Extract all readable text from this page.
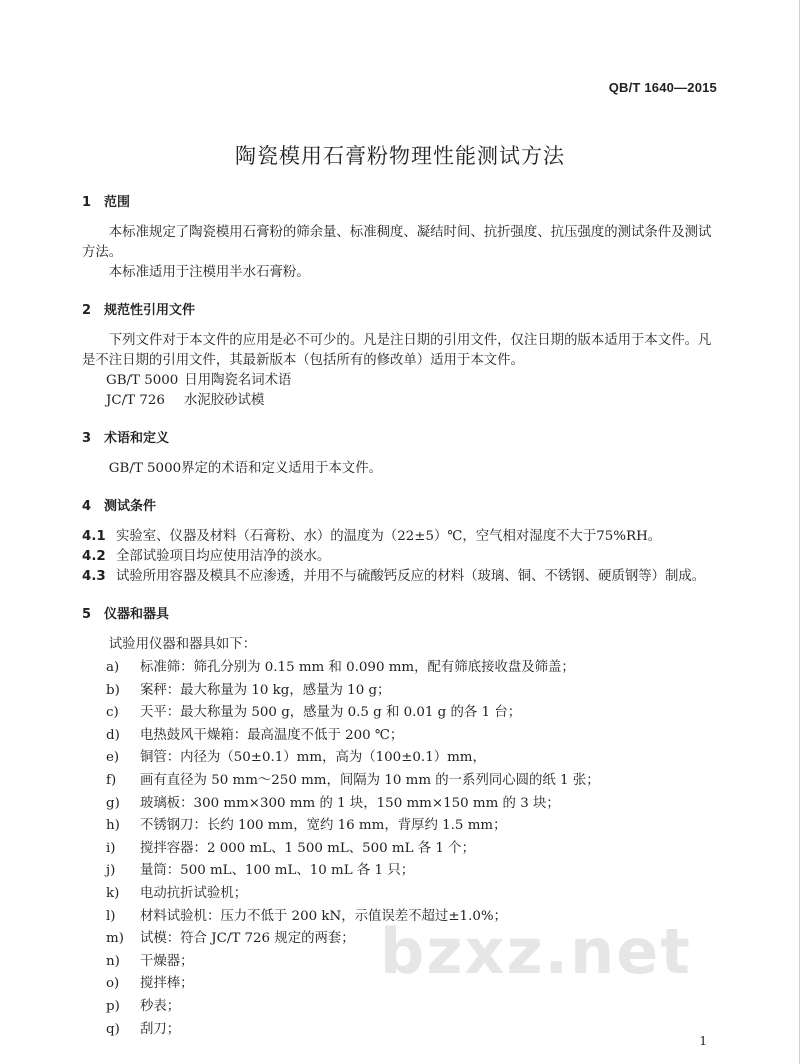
QB/T 1640—2015
陶瓷模用石膏粉物理性能测试方法
1 范围
本标准规定了陶瓷模用石膏粉的筛余量、标准稠度、凝结时间、抗折强度、抗压强度的测试条件及测试方法。
本标准适用于注模用半水石膏粉。
2 规范性引用文件
下列文件对于本文件的应用是必不可少的。凡是注日期的引用文件，仅注日期的版本适用于本文件。凡是不注日期的引用文件，其最新版本（包括所有的修改单）适用于本文件。
GB/T 5000 日用陶瓷名词术语
JC/T 726 水泥胶砂试模
3 术语和定义
GB/T 5000界定的术语和定义适用于本文件。
4 测试条件
4.1 实验室、仪器及材料（石膏粉、水）的温度为（22±5）℃，空气相对湿度不大于75%RH。
4.2 全部试验项目均应使用洁净的淡水。
4.3 试验所用容器及模具不应渗透，并用不与硫酸钙反应的材料（玻璃、铜、不锈钢、硬质钢等）制成。
5 仪器和器具
试验用仪器和器具如下：
a) 标准筛：筛孔分别为 0.15 mm 和 0.090 mm，配有筛底接收盘及筛盖；
b) 案秤：最大称量为 10 kg，感量为 10 g；
c) 天平：最大称量为 500 g，感量为 0.5 g 和 0.01 g 的各 1 台；
d) 电热鼓风干燥箱：最高温度不低于 200 ℃；
e) 铜管：内径为（50±0.1）mm，高为（100±0.1）mm，
f) 画有直径为 50 mm～250 mm，间隔为 10 mm 的一系列同心圆的纸 1 张；
g) 玻璃板：300 mm×300 mm 的 1 块，150 mm×150 mm 的 3 块；
h) 不锈钢刀：长约 100 mm，宽约 16 mm，背厚约 1.5 mm；
i) 搅拌容器：2 000 mL、1 500 mL、500 mL 各 1 个；
j) 量筒：500 mL、100 mL、10 mL 各 1 只；
k) 电动抗折试验机；
l) 材料试验机：压力不低于 200 kN，示值误差不超过±1.0%；
m) 试模：符合 JC/T 726 规定的两套；
n) 干燥器；
o) 搅拌棒；
p) 秒表；
q) 刮刀；
bzxz.net
1
